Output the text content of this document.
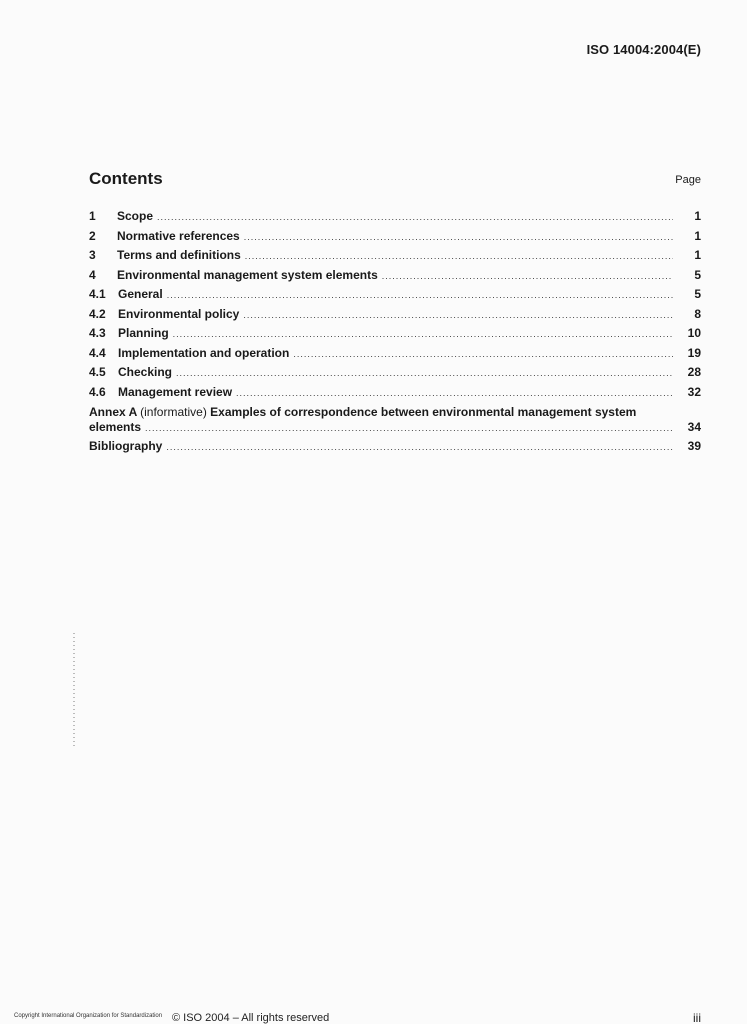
ISO 14004:2004(E)
Contents	Page
1	Scope .....	1
2	Normative references .....	1
3	Terms and definitions .....	1
4	Environmental management system elements .....	5
4.1	General .....	5
4.2	Environmental policy .....	8
4.3	Planning .....	10
4.4	Implementation and operation .....	19
4.5	Checking .....	28
4.6	Management review .....	32
Annex A (informative) Examples of correspondence between environmental management system
elements .....	34
Bibliography .....	39
Copyright International Organization for Standardization © ISO 2004 – All rights reserved	iii
